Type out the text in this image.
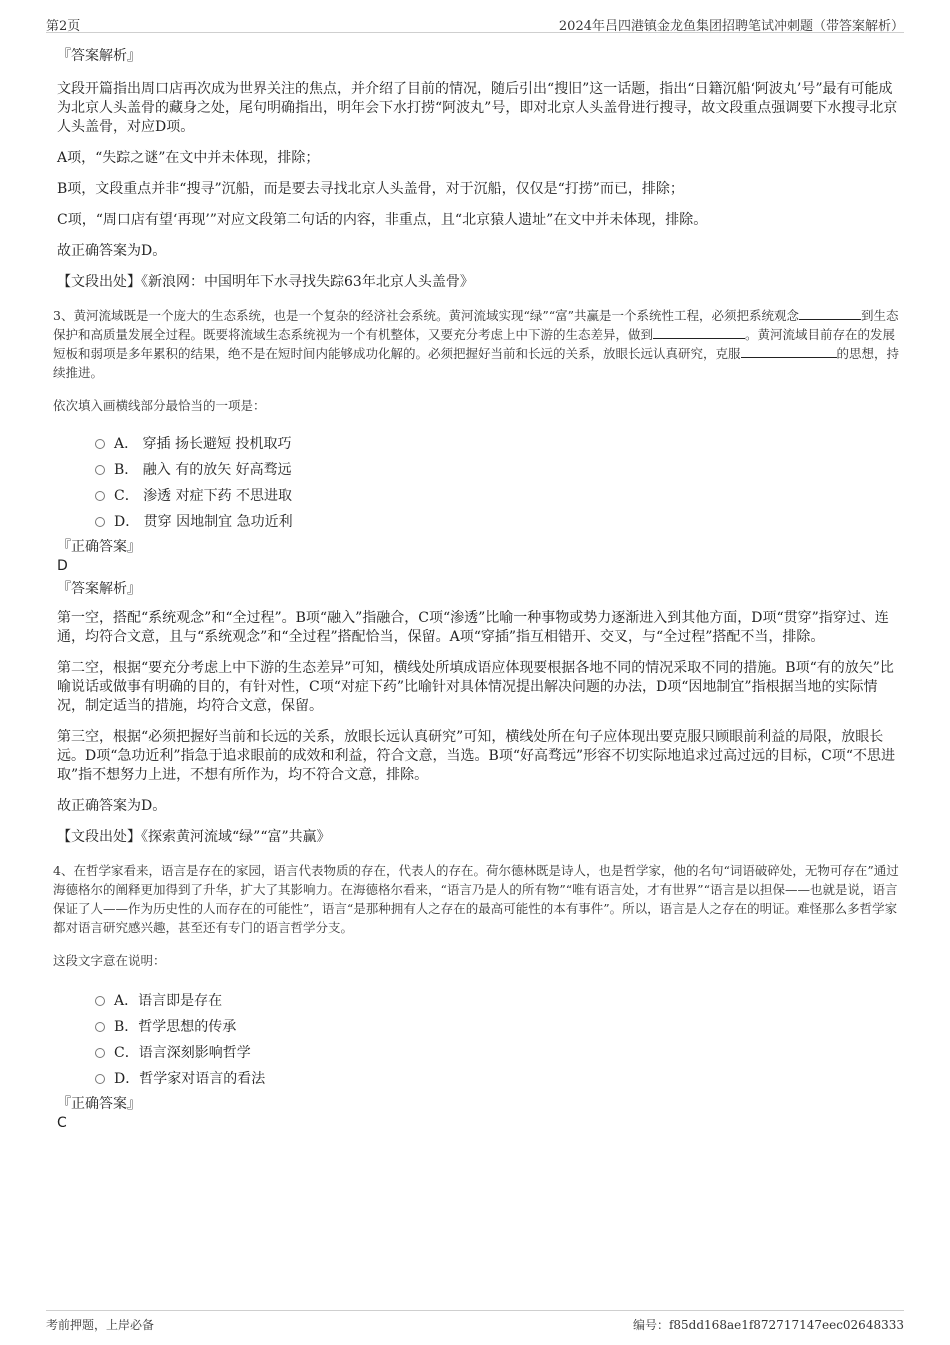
第2页	2024年吕四港镇金龙鱼集团招聘笔试冲刺题（带答案解析）

『答案解析』

文段开篇指出周口店再次成为世界关注的焦点，并介绍了目前的情况，随后引出“搜旧”这一话题，指出“日籍沉船‘阿波丸’号”最有可能成为北京人头盖骨的藏身之处，尾句明确指出，明年会下水打捞“阿波丸”号，即对北京人头盖骨进行搜寻，故文段重点强调要下水搜寻北京人头盖骨，对应D项。

A项，“失踪之谜”在文中并未体现，排除；

B项，文段重点并非“搜寻”沉船，而是要去寻找北京人头盖骨，对于沉船，仅仅是“打捞”而已，排除；

C项，“周口店有望‘再现’”对应文段第二句话的内容，非重点，且“北京猿人遗址”在文中并未体现，排除。

故正确答案为D。

【文段出处】《新浪网：中国明年下水寻找失踪63年北京人头盖骨》

3、黄河流域既是一个庞大的生态系统，也是一个复杂的经济社会系统。黄河流域实现“绿”“富”共赢是一个系统性工程，必须把系统观念	到生态保护和高质量发展全过程。既要将流域生态系统视为一个有机整体，又要充分考虑上中下游的生态差异，做到	。黄河流域目前存在的发展短板和弱项是多年累积的结果，绝不是在短时间内能够成功化解的。必须把握好当前和长远的关系，放眼长远认真研究，克服	的思想，持续推进。

依次填入画横线部分最恰当的一项是：

A． 穿插 扬长避短 投机取巧
B． 融入 有的放矢 好高骛远
C． 渗透 对症下药 不思进取
D． 贯穿 因地制宜 急功近利

『正确答案』

D

『答案解析』

第一空，搭配“系统观念”和“全过程”。B项“融入”指融合，C项“渗透”比喻一种事物或势力逐渐进入到其他方面，D项“贯穿”指穿过、连通，均符合文意，且与“系统观念”和“全过程”搭配恰当，保留。A项“穿插”指互相错开、交叉，与“全过程”搭配不当，排除。

第二空，根据“要充分考虑上中下游的生态差异”可知，横线处所填成语应体现要根据各地不同的情况采取不同的措施。B项“有的放矢”比喻说话或做事有明确的目的，有针对性，C项“对症下药”比喻针对具体情况提出解决问题的办法，D项“因地制宜”指根据当地的实际情况，制定适当的措施，均符合文意，保留。

第三空，根据“必须把握好当前和长远的关系，放眼长远认真研究”可知，横线处所在句子应体现出要克服只顾眼前利益的局限，放眼长远。D项“急功近利”指急于追求眼前的成效和利益，符合文意，当选。B项“好高骛远”形容不切实际地追求过高过远的目标，C项“不思进取”指不想努力上进，不想有所作为，均不符合文意，排除。

故正确答案为D。

【文段出处】《探索黄河流域“绿”“富”共赢》

4、在哲学家看来，语言是存在的家园，语言代表物质的存在，代表人的存在。荷尔德林既是诗人，也是哲学家，他的名句“词语破碎处，无物可存在”通过海德格尔的阐释更加得到了升华，扩大了其影响力。在海德格尔看来，“语言乃是人的所有物”“唯有语言处，才有世界”“语言是以担保——也就是说，语言保证了人——作为历史性的人而存在的可能性”，语言“是那种拥有人之存在的最高可能性的本有事件”。所以，语言是人之存在的明证。难怪那么多哲学家都对语言研究感兴趣，甚至还有专门的语言哲学分支。

这段文字意在说明：

A．语言即是存在
B．哲学思想的传承
C．语言深刻影响哲学
D．哲学家对语言的看法

『正确答案』

C

考前押题，上岸必备	编号：f85dd168ae1f872717147eec02648333
